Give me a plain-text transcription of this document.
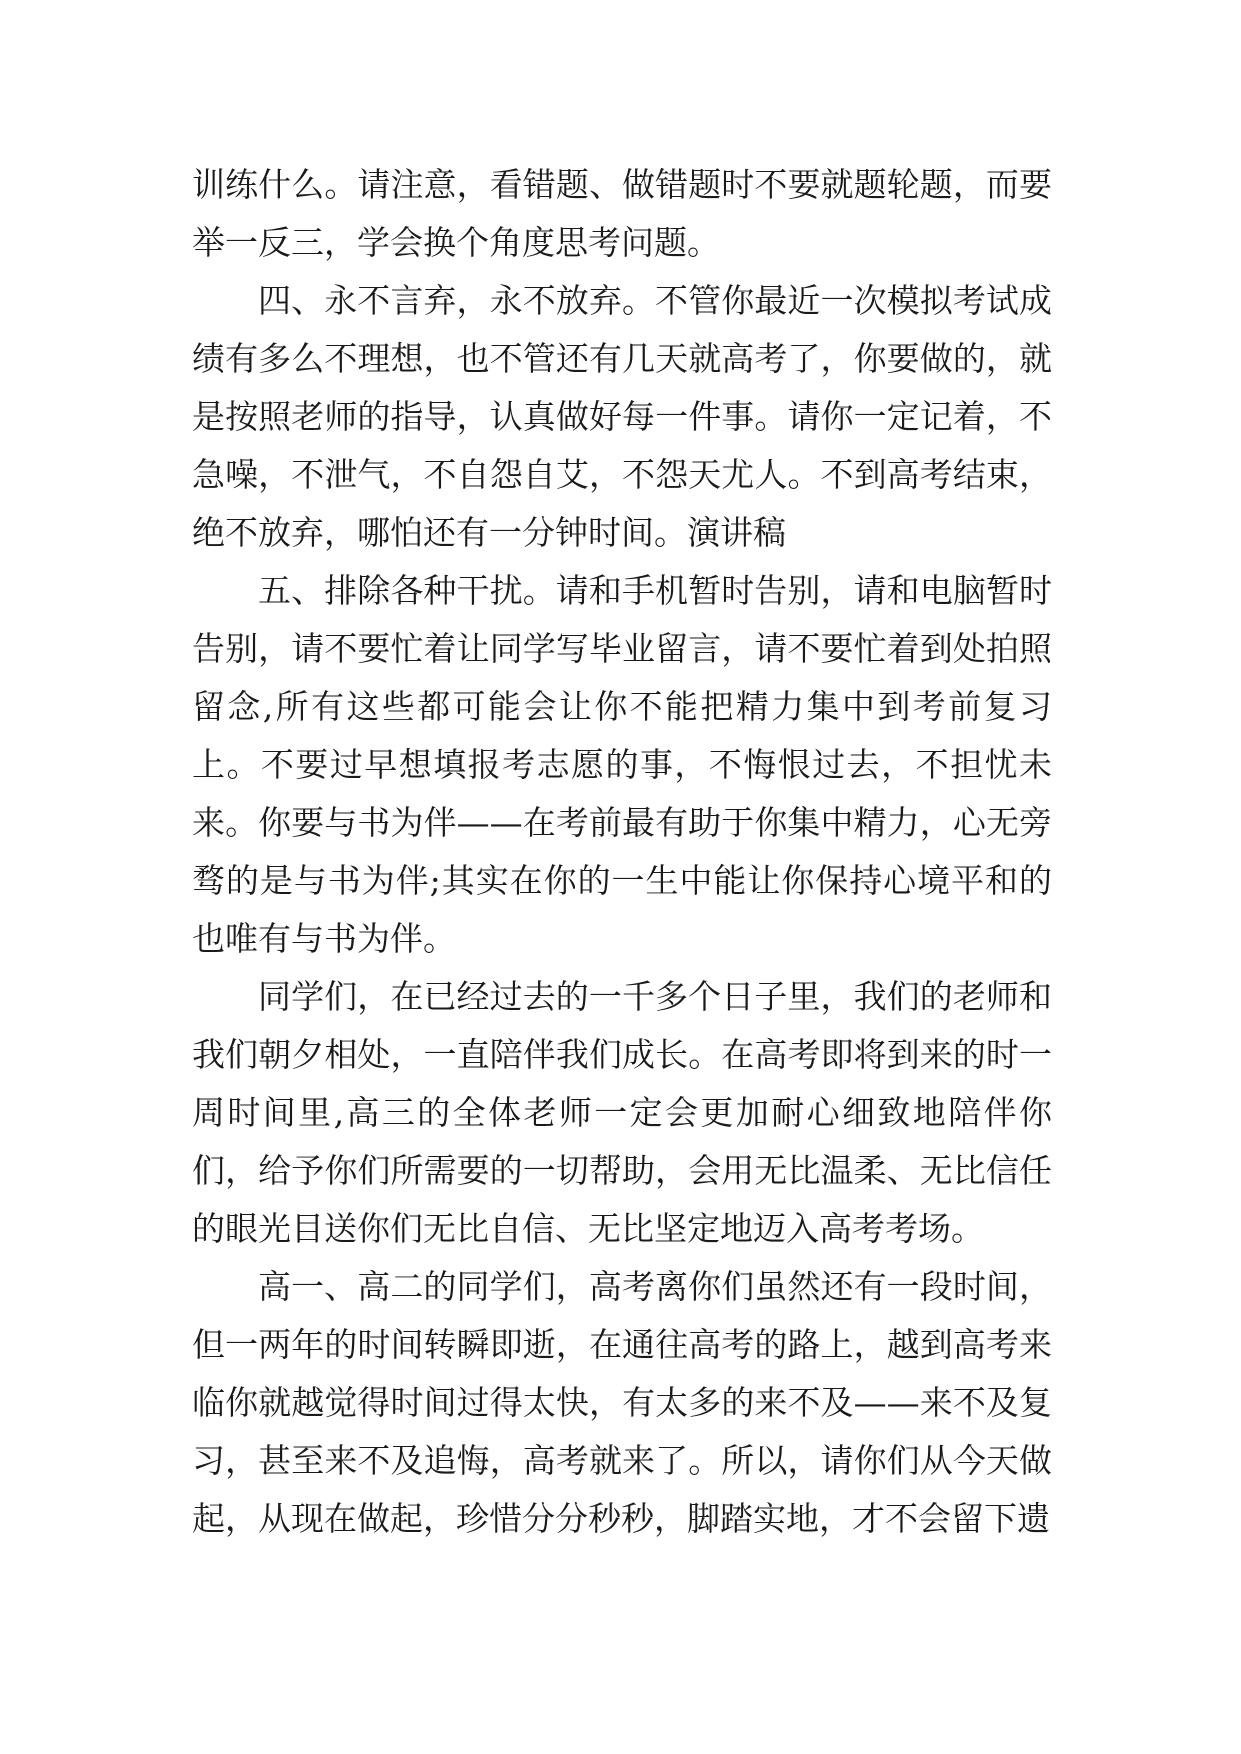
训练什么。请注意，看错题、做错题时不要就题轮题，而要举一反三，学会换个角度思考问题。

四、永不言弃，永不放弃。不管你最近一次模拟考试成绩有多么不理想，也不管还有几天就高考了，你要做的，就是按照老师的指导，认真做好每一件事。请你一定记着，不急噪，不泄气，不自怨自艾，不怨天尤人。不到高考结束，绝不放弃，哪怕还有一分钟时间。演讲稿

五、排除各种干扰。请和手机暂时告别，请和电脑暂时告别，请不要忙着让同学写毕业留言，请不要忙着到处拍照留念,所有这些都可能会让你不能把精力集中到考前复习上。不要过早想填报考志愿的事，不悔恨过去，不担忧未来。你要与书为伴——在考前最有助于你集中精力，心无旁骛的是与书为伴;其实在你的一生中能让你保持心境平和的也唯有与书为伴。

同学们，在已经过去的一千多个日子里，我们的老师和我们朝夕相处，一直陪伴我们成长。在高考即将到来的时一周时间里,高三的全体老师一定会更加耐心细致地陪伴你们，给予你们所需要的一切帮助，会用无比温柔、无比信任的眼光目送你们无比自信、无比坚定地迈入高考考场。

高一、高二的同学们，高考离你们虽然还有一段时间，但一两年的时间转瞬即逝，在通往高考的路上，越到高考来临你就越觉得时间过得太快，有太多的来不及——来不及复习，甚至来不及追悔，高考就来了。所以，请你们从今天做起，从现在做起，珍惜分分秒秒，脚踏实地，才不会留下遗
